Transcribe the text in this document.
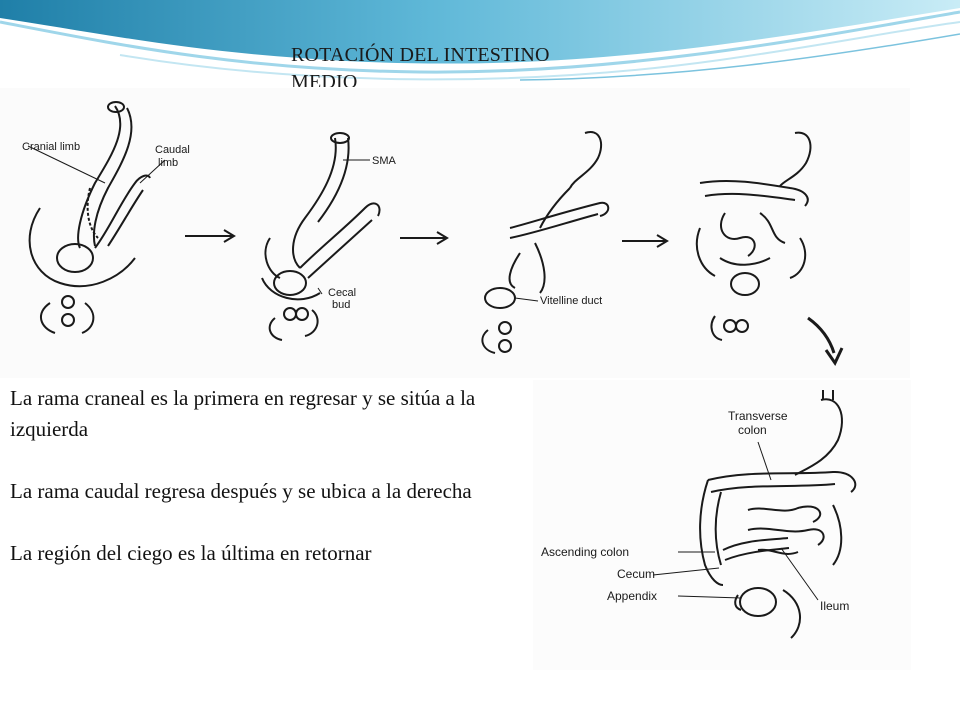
ROTACIÓN DEL INTESTINO MEDIO
Cranial limb	Caudal
limb	SMA
Cecal
bud	Vitelline duct

La rama craneal es la primera en regresar y se sitúa a la izquierda

La rama caudal regresa después y se ubica a la derecha

La región del ciego es la última en retornar

Transverse
colon
Ascending colon
Cecum
Appendix
Ileum
